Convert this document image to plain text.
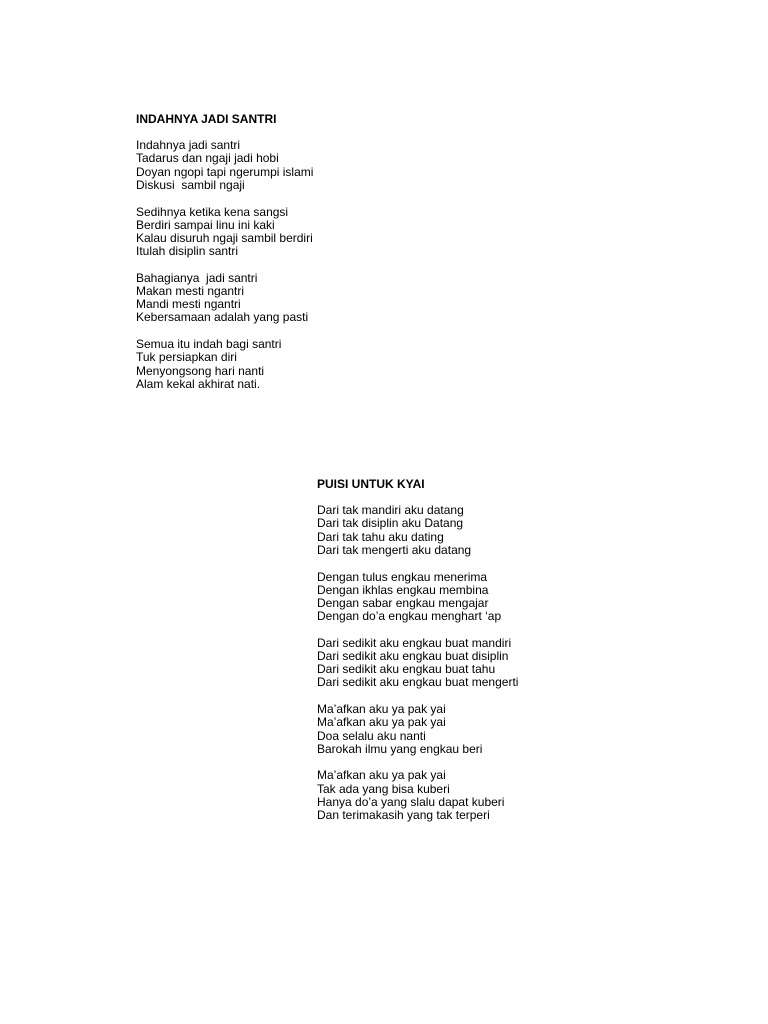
INDAHNYA JADI SANTRI
Indahnya jadi santri
Tadarus dan ngaji jadi hobi
Doyan ngopi tapi ngerumpi islami
Diskusi  sambil ngaji
Sedihnya ketika kena sangsi
Berdiri sampai linu ini kaki
Kalau disuruh ngaji sambil berdiri
Itulah disiplin santri
Bahagianya  jadi santri
Makan mesti ngantri
Mandi mesti ngantri
Kebersamaan adalah yang pasti
Semua itu indah bagi santri
Tuk persiapkan diri
Menyongsong hari nanti
Alam kekal akhirat nati.
PUISI UNTUK KYAI
Dari tak mandiri aku datang
Dari tak disiplin aku Datang
Dari tak tahu aku dating
Dari tak mengerti aku datang
Dengan tulus engkau menerima
Dengan ikhlas engkau membina
Dengan sabar engkau mengajar
Dengan do’a engkau menghart ‘ap
Dari sedikit aku engkau buat mandiri
Dari sedikit aku engkau buat disiplin
Dari sedikit aku engkau buat tahu
Dari sedikit aku engkau buat mengerti
Ma’afkan aku ya pak yai
Ma’afkan aku ya pak yai
Doa selalu aku nanti
Barokah ilmu yang engkau beri
Ma’afkan aku ya pak yai
Tak ada yang bisa kuberi
Hanya do’a yang slalu dapat kuberi
Dan terimakasih yang tak terperi
